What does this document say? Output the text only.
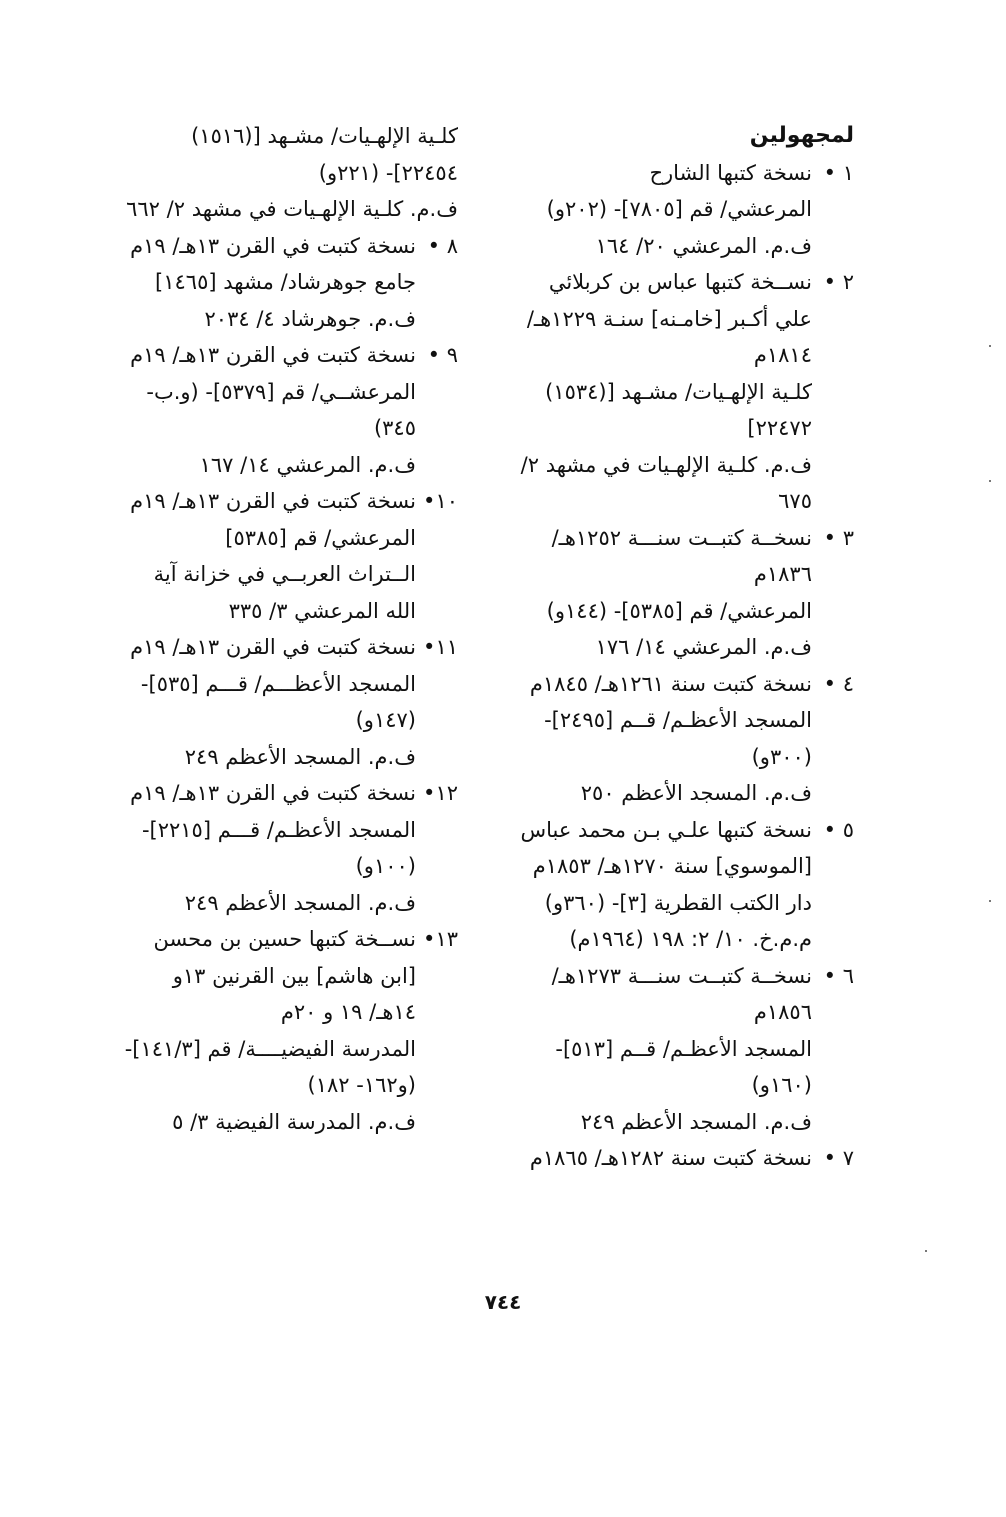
لمجهولين
١ •
نسخة كتبها الشارح
المرعشي/ قم [٧٨٠٥]- (٢٠٢و)
ف.م. المرعشي ٢٠/ ١٦٤
٢ •
نســخة كتبها عباس بن كربلائي علي أكـبر [خامـنه] سنـة ١٢٢٩هـ/ ١٨١٤م
كلـية الإلهـيات/ مشـهد [(١٥٣٤) ٢٢٤٧٢]
ف.م. كلـية الإلهـيات في مشهد ٢/ ٦٧٥
٣ •
نسخــة كتبــت سنـــة ١٢٥٢هـ/ ١٨٣٦م
المرعشي/ قم [٥٣٨٥]- (١٤٤و)
ف.م. المرعشي ١٤/ ١٧٦
٤ •
نسخة كتبت سنة ١٢٦١هـ/ ١٨٤٥م
المسجد الأعظـم/ قــم [٢٤٩٥]- (٣٠٠و)
ف.م. المسجد الأعظم ٢٥٠
٥ •
نسخة كتبها علـي بـن محمد عباس [الموسوي] سنة ١٢٧٠هـ/ ١٨٥٣م
دار الكتب القطرية [٣]- (٣٦٠و)
م.م.خ. ١٠/ ٢: ١٩٨ (١٩٦٤م)
٦ •
نسخــة كتبــت سنـــة ١٢٧٣هـ/ ١٨٥٦م
المسجد الأعظـم/ قــم [٥١٣]- (١٦٠و)
ف.م. المسجد الأعظم ٢٤٩
٧ •
نسخة كتبت سنة ١٢٨٢هـ/ ١٨٦٥م
كلـية الإلهـيات/ مشـهد [(١٥١٦) ٢٢٤٥٤]- (٢٢١و)
ف.م. كلـية الإلهـيات في مشهد ٢/ ٦٦٢
٨ •
نسخة كتبت في القرن ١٣هـ/ ١٩م
جامع جوهرشاد/ مشهد [١٤٦٥]
ف.م. جوهرشاد ٤/ ٢٠٣٤
٩ •
نسخة كتبت في القرن ١٣هـ/ ١٩م
المرعشــي/ قم [٥٣٧٩]- (و.ب- ٣٤٥)
ف.م. المرعشي ١٤/ ١٦٧
١٠•
نسخة كتبت في القرن ١٣هـ/ ١٩م
المرعشي/ قم [٥٣٨٥]
الــتراث العربــي في خزانة آية الله المرعشي ٣/ ٣٣٥
١١•
نسخة كتبت في القرن ١٣هـ/ ١٩م
المسجد الأعظـــم/ قـــم [٥٣٥]- (١٤٧و)
ف.م. المسجد الأعظم ٢٤٩
١٢•
نسخة كتبت في القرن ١٣هـ/ ١٩م
المسجد الأعظـم/ قـــم [٢٢١٥]- (١٠٠و)
ف.م. المسجد الأعظم ٢٤٩
١٣•
نســخة كتبها حسين بن محسن [ابن هاشم] بين القرنين ١٣و ١٤هـ/ ١٩ و ٢٠م
المدرسة الفيضيــــة/ قم [١٤١/٣]- (و١٦٢- ١٨٢)
ف.م. المدرسة الفيضية ٣/ ٥
٧٤٤
